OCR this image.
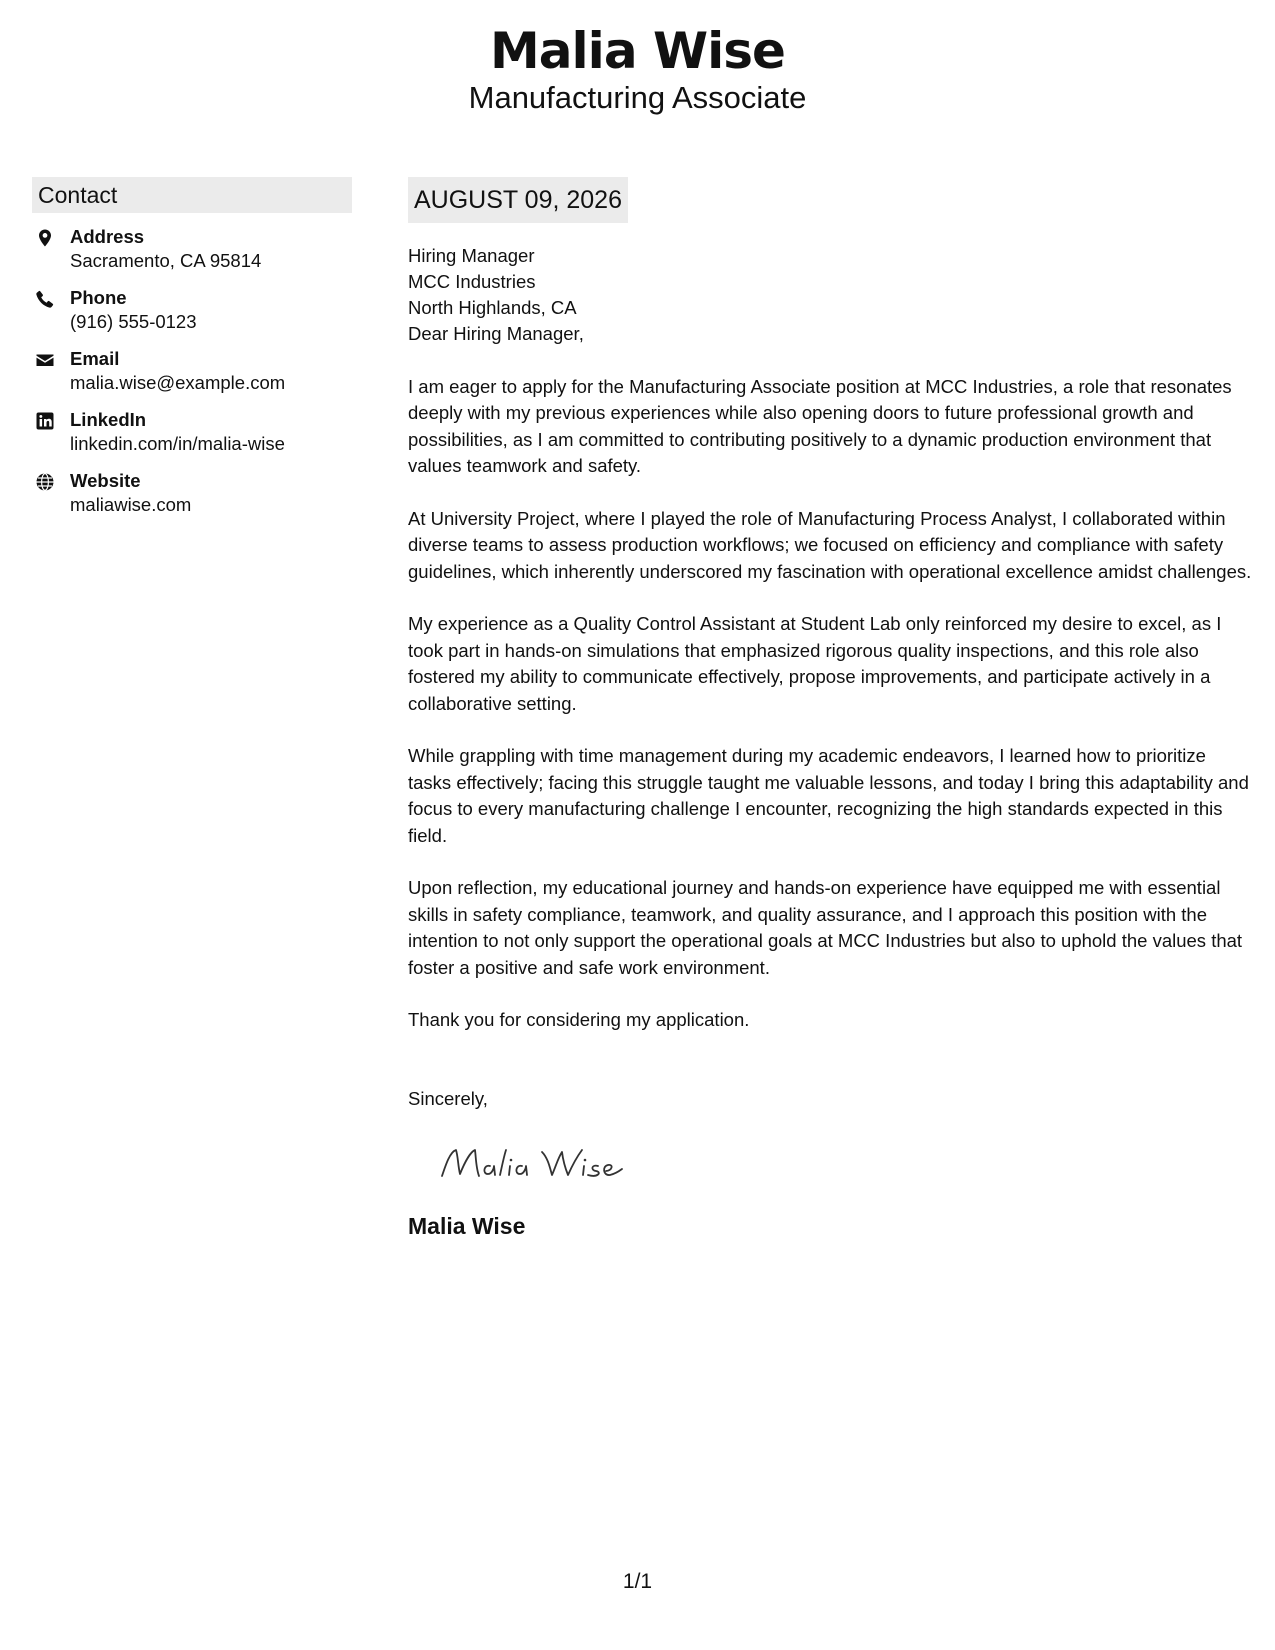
Malia Wise
Manufacturing Associate
Contact
Address
Sacramento, CA 95814
Phone
(916) 555-0123
Email
malia.wise@example.com
LinkedIn
linkedin.com/in/malia-wise
Website
maliawise.com
AUGUST 09, 2026
Hiring Manager
MCC Industries
North Highlands, CA

Dear Hiring Manager,

I am eager to apply for the Manufacturing Associate position at MCC Industries, a role that resonates deeply with my previous experiences while also opening doors to future professional growth and possibilities, as I am committed to contributing positively to a dynamic production environment that values teamwork and safety.

At University Project, where I played the role of Manufacturing Process Analyst, I collaborated within diverse teams to assess production workflows; we focused on efficiency and compliance with safety guidelines, which inherently underscored my fascination with operational excellence amidst challenges.

My experience as a Quality Control Assistant at Student Lab only reinforced my desire to excel, as I took part in hands-on simulations that emphasized rigorous quality inspections, and this role also fostered my ability to communicate effectively, propose improvements, and participate actively in a collaborative setting.

While grappling with time management during my academic endeavors, I learned how to prioritize tasks effectively; facing this struggle taught me valuable lessons, and today I bring this adaptability and focus to every manufacturing challenge I encounter, recognizing the high standards expected in this field.

Upon reflection, my educational journey and hands-on experience have equipped me with essential skills in safety compliance, teamwork, and quality assurance, and I approach this position with the intention to not only support the operational goals at MCC Industries but also to uphold the values that foster a positive and safe work environment.

Thank you for considering my application.

Sincerely,
Malia Wise
1/1
